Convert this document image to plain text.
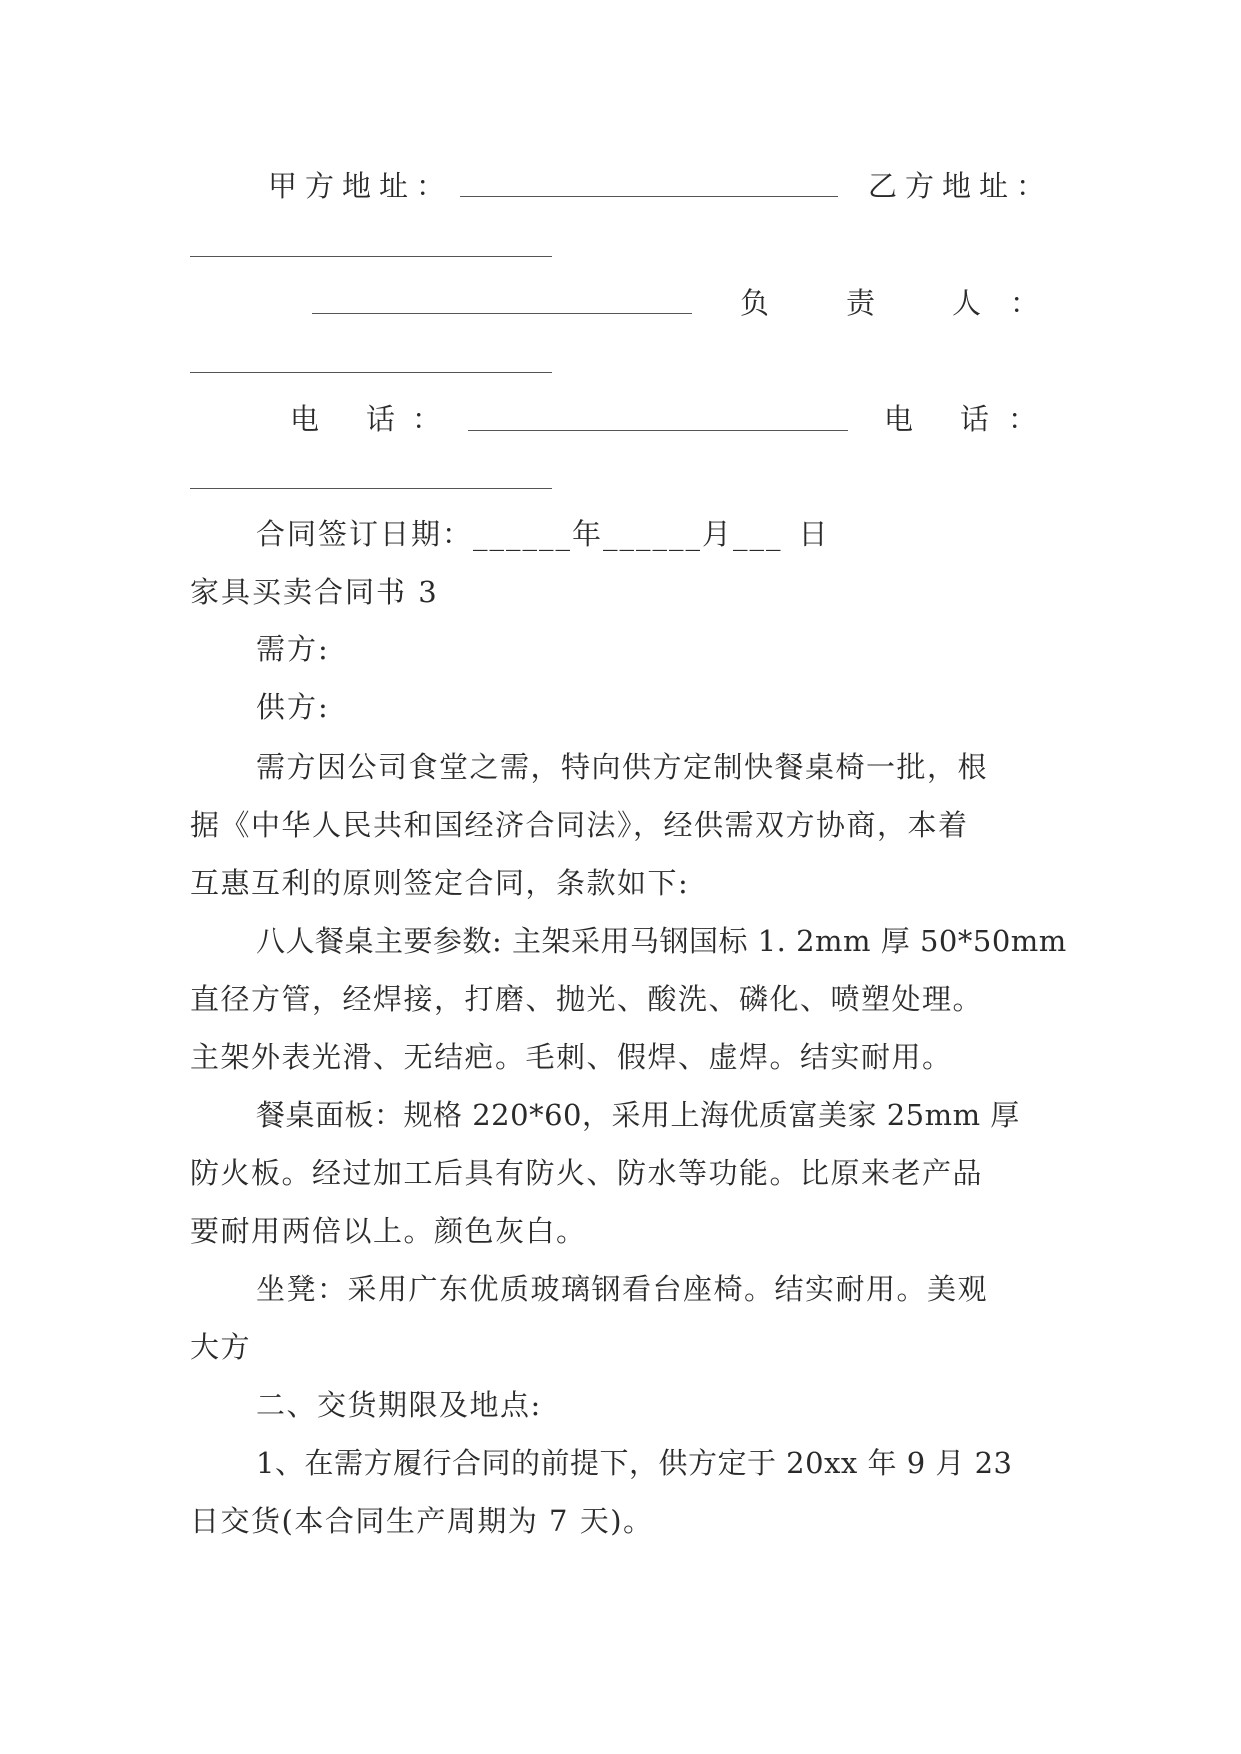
甲方地址：	乙方地址：
负	责	人 ：
电 话 ：	电 话 ：
合同签订日期：______年______月___ 日
家具买卖合同书 3
需方:
供方:
需方因公司食堂之需，特向供方定制快餐桌椅一批，根
据《中华人民共和国经济合同法》，经供需双方协商，本着
互惠互利的原则签定合同，条款如下:
八人餐桌主要参数: 主架采用马钢国标 1. 2mm 厚 50*50mm
直径方管，经焊接，打磨、抛光、酸洗、磷化、喷塑处理。
主架外表光滑、无结疤。毛刺、假焊、虚焊。结实耐用。
餐桌面板：规格 220*60，采用上海优质富美家 25mm 厚
防火板。经过加工后具有防火、防水等功能。比原来老产品
要耐用两倍以上。颜色灰白。
坐凳：采用广东优质玻璃钢看台座椅。结实耐用。美观
大方
二、交货期限及地点:
1、在需方履行合同的前提下，供方定于 20xx 年 9 月 23
日交货(本合同生产周期为 7 天)。
